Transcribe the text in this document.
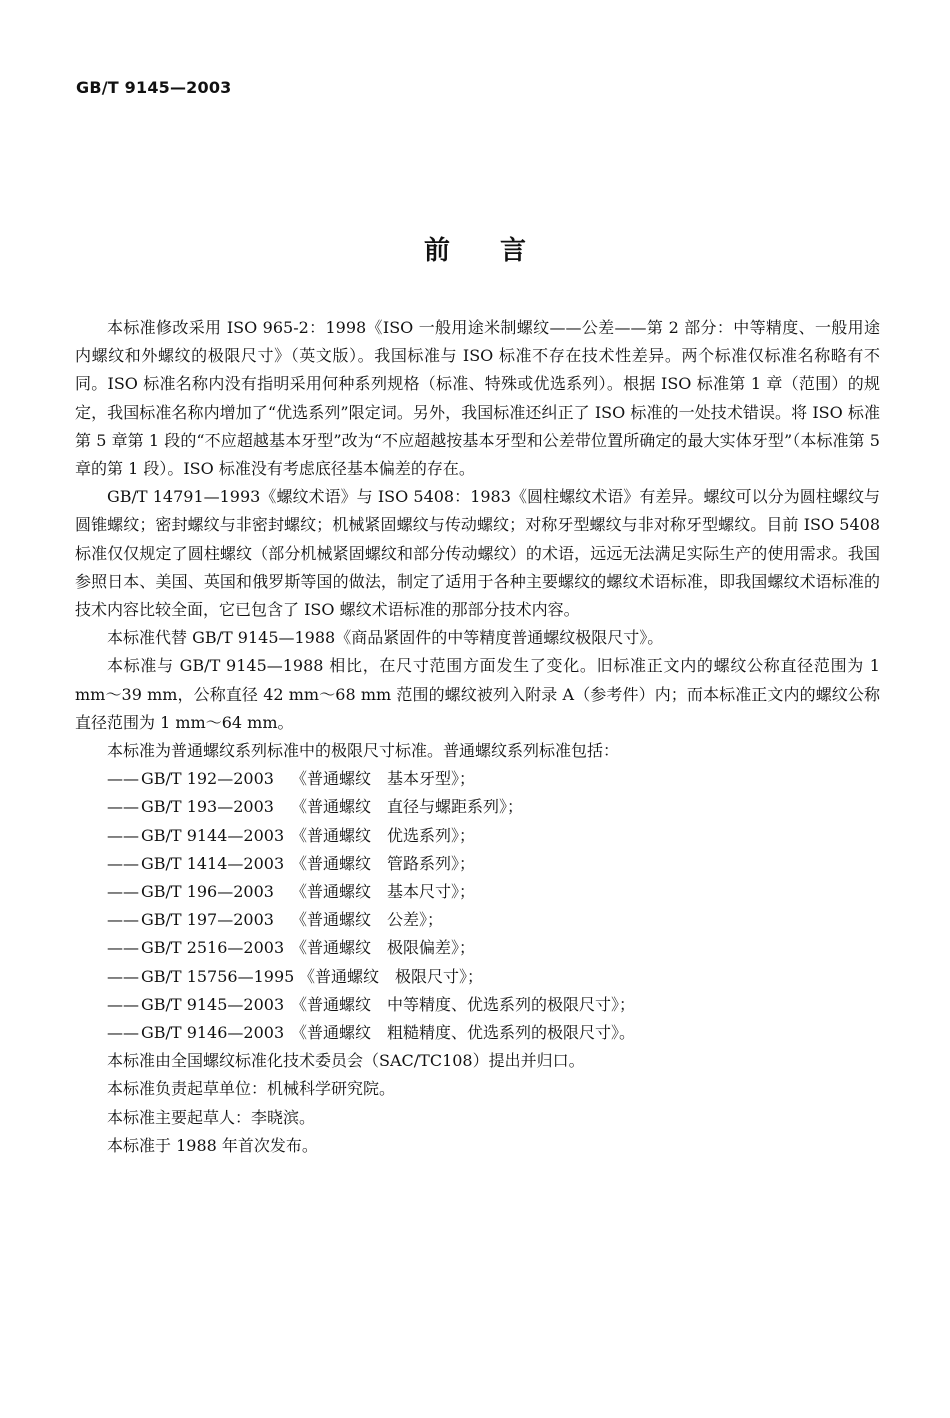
GB/T 9145—2003
前言

本标准修改采用 ISO 965-2：1998《ISO 一般用途米制螺纹——公差——第 2 部分：中等精度、一般用途内螺纹和外螺纹的极限尺寸》（英文版）。我国标准与 ISO 标准不存在技术性差异。两个标准仅标准名称略有不同。ISO 标准名称内没有指明采用何种系列规格（标准、特殊或优选系列）。根据 ISO 标准第 1 章（范围）的规定，我国标准名称内增加了“优选系列”限定词。另外，我国标准还纠正了 ISO 标准的一处技术错误。将 ISO 标准第 5 章第 1 段的“不应超越基本牙型”改为“不应超越按基本牙型和公差带位置所确定的最大实体牙型”（本标准第 5 章的第 1 段）。ISO 标准没有考虑底径基本偏差的存在。

GB/T 14791—1993《螺纹术语》与 ISO 5408：1983《圆柱螺纹术语》有差异。螺纹可以分为圆柱螺纹与圆锥螺纹；密封螺纹与非密封螺纹；机械紧固螺纹与传动螺纹；对称牙型螺纹与非对称牙型螺纹。目前 ISO 5408 标准仅仅规定了圆柱螺纹（部分机械紧固螺纹和部分传动螺纹）的术语，远远无法满足实际生产的使用需求。我国参照日本、美国、英国和俄罗斯等国的做法，制定了适用于各种主要螺纹的螺纹术语标准，即我国螺纹术语标准的技术内容比较全面，它已包含了 ISO 螺纹术语标准的那部分技术内容。

本标准代替 GB/T 9145—1988《商品紧固件的中等精度普通螺纹极限尺寸》。

本标准与 GB/T 9145—1988 相比，在尺寸范围方面发生了变化。旧标准正文内的螺纹公称直径范围为 1 mm～39 mm，公称直径 42 mm～68 mm 范围的螺纹被列入附录 A（参考件）内；而本标准正文内的螺纹公称直径范围为 1 mm～64 mm。

本标准为普通螺纹系列标准中的极限尺寸标准。普通螺纹系列标准包括：

—— GB/T 192—2003 《普通螺纹　基本牙型》；
—— GB/T 193—2003 《普通螺纹　直径与螺距系列》；
—— GB/T 9144—2003 《普通螺纹　优选系列》；
—— GB/T 1414—2003 《普通螺纹　管路系列》；
—— GB/T 196—2003 《普通螺纹　基本尺寸》；
—— GB/T 197—2003 《普通螺纹　公差》；
—— GB/T 2516—2003 《普通螺纹　极限偏差》；
—— GB/T 15756—1995 《普通螺纹　极限尺寸》；
—— GB/T 9145—2003 《普通螺纹　中等精度、优选系列的极限尺寸》；
—— GB/T 9146—2003 《普通螺纹　粗糙精度、优选系列的极限尺寸》。

本标准由全国螺纹标准化技术委员会（SAC/TC108）提出并归口。

本标准负责起草单位：机械科学研究院。

本标准主要起草人：李晓滨。

本标准于 1988 年首次发布。
